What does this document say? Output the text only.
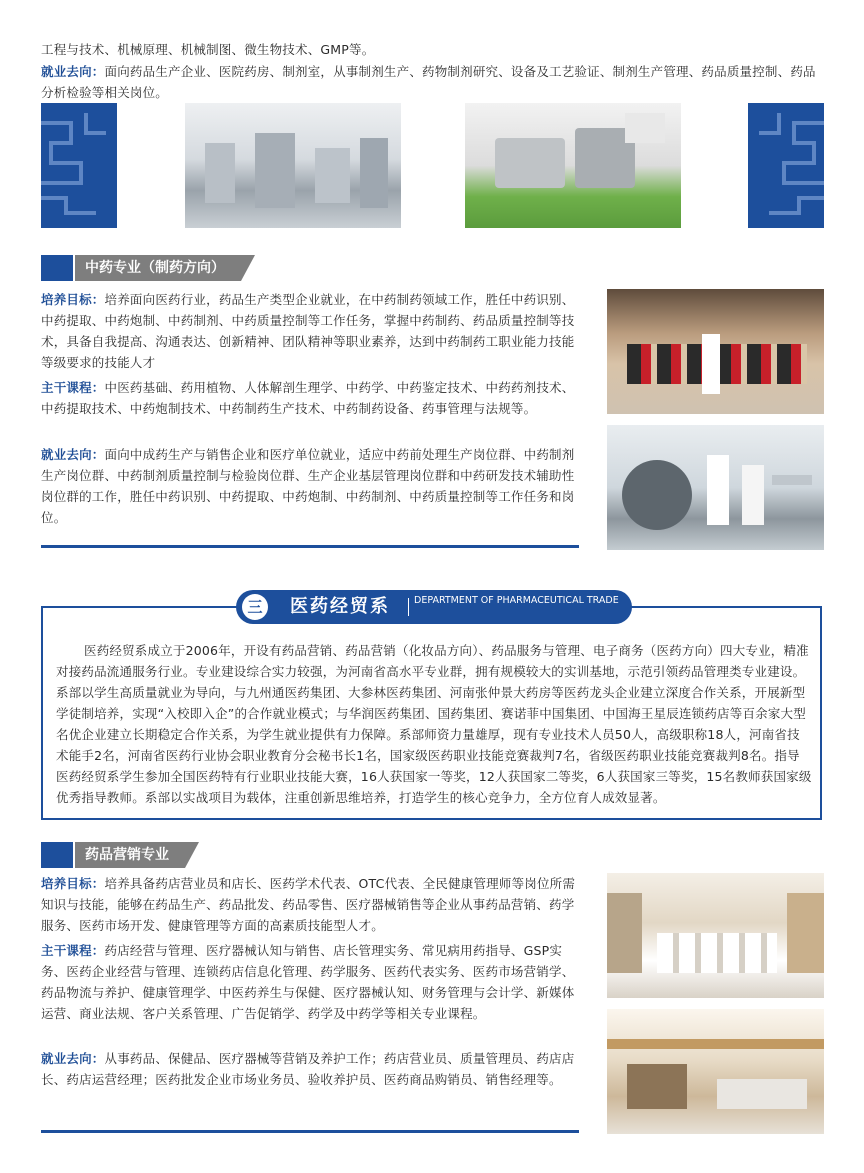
工程与技术、机械原理、机械制图、微生物技术、GMP等。
就业去向：面向药品生产企业、医院药房、制剂室，从事制剂生产、药物制剂研究、设备及工艺验证、制剂生产管理、药品质量控制、药品分析检验等相关岗位。
中药专业（制药方向）
培养目标：培养面向医药行业，药品生产类型企业就业，在中药制药领域工作，胜任中药识别、中药提取、中药炮制、中药制剂、中药质量控制等工作任务，掌握中药制药、药品质量控制等技术，具备自我提高、沟通表达、创新精神、团队精神等职业素养，达到中药制药工职业能力技能等级要求的技能人才
主干课程：中医药基础、药用植物、人体解剖生理学、中药学、中药鉴定技术、中药药剂技术、中药提取技术、中药炮制技术、中药制药生产技术、中药制药设备、药事管理与法规等。
就业去向：面向中成药生产与销售企业和医疗单位就业，适应中药前处理生产岗位群、中药制剂生产岗位群、中药制剂质量控制与检验岗位群、生产企业基层管理岗位群和中药研发技术辅助性岗位群的工作，胜任中药识别、中药提取、中药炮制、中药制剂、中药质量控制等工作任务和岗位。
三	医药经贸系	DEPARTMENT OF PHARMACEUTICAL TRADE
医药经贸系成立于2006年，开设有药品营销、药品营销（化妆品方向）、药品服务与管理、电子商务（医药方向）四大专业，精准对接药品流通服务行业。专业建设综合实力较强，为河南省高水平专业群，拥有规模较大的实训基地，示范引领药品管理类专业建设。系部以学生高质量就业为导向，与九州通医药集团、大参林医药集团、河南张仲景大药房等医药龙头企业建立深度合作关系，开展新型学徒制培养，实现“入校即入企”的合作就业模式；与华润医药集团、国药集团、赛诺菲中国集团、中国海王星辰连锁药店等百余家大型名优企业建立长期稳定合作关系，为学生就业提供有力保障。系部师资力量雄厚，现有专业技术人员50人，高级职称18人，河南省技术能手2名，河南省医药行业协会职业教育分会秘书长1名，国家级医药职业技能竞赛裁判7名，省级医药职业技能竞赛裁判8名。指导医药经贸系学生参加全国医药特有行业职业技能大赛，16人获国家一等奖，12人获国家二等奖，6人获国家三等奖，15名教师获国家级优秀指导教师。系部以实战项目为载体，注重创新思维培养，打造学生的核心竞争力，全方位育人成效显著。
药品营销专业
培养目标：培养具备药店营业员和店长、医药学术代表、OTC代表、全民健康管理师等岗位所需知识与技能，能够在药品生产、药品批发、药品零售、医疗器械销售等企业从事药品营销、药学服务、医药市场开发、健康管理等方面的高素质技能型人才。
主干课程：药店经营与管理、医疗器械认知与销售、店长管理实务、常见病用药指导、GSP实务、医药企业经营与管理、连锁药店信息化管理、药学服务、医药代表实务、医药市场营销学、药品物流与养护、健康管理学、中医药养生与保健、医疗器械认知、财务管理与会计学、新媒体运营、商业法规、客户关系管理、广告促销学、药学及中药学等相关专业课程。
就业去向：从事药品、保健品、医疗器械等营销及养护工作；药店营业员、质量管理员、药店店长、药店运营经理；医药批发企业市场业务员、验收养护员、医药商品购销员、销售经理等。
